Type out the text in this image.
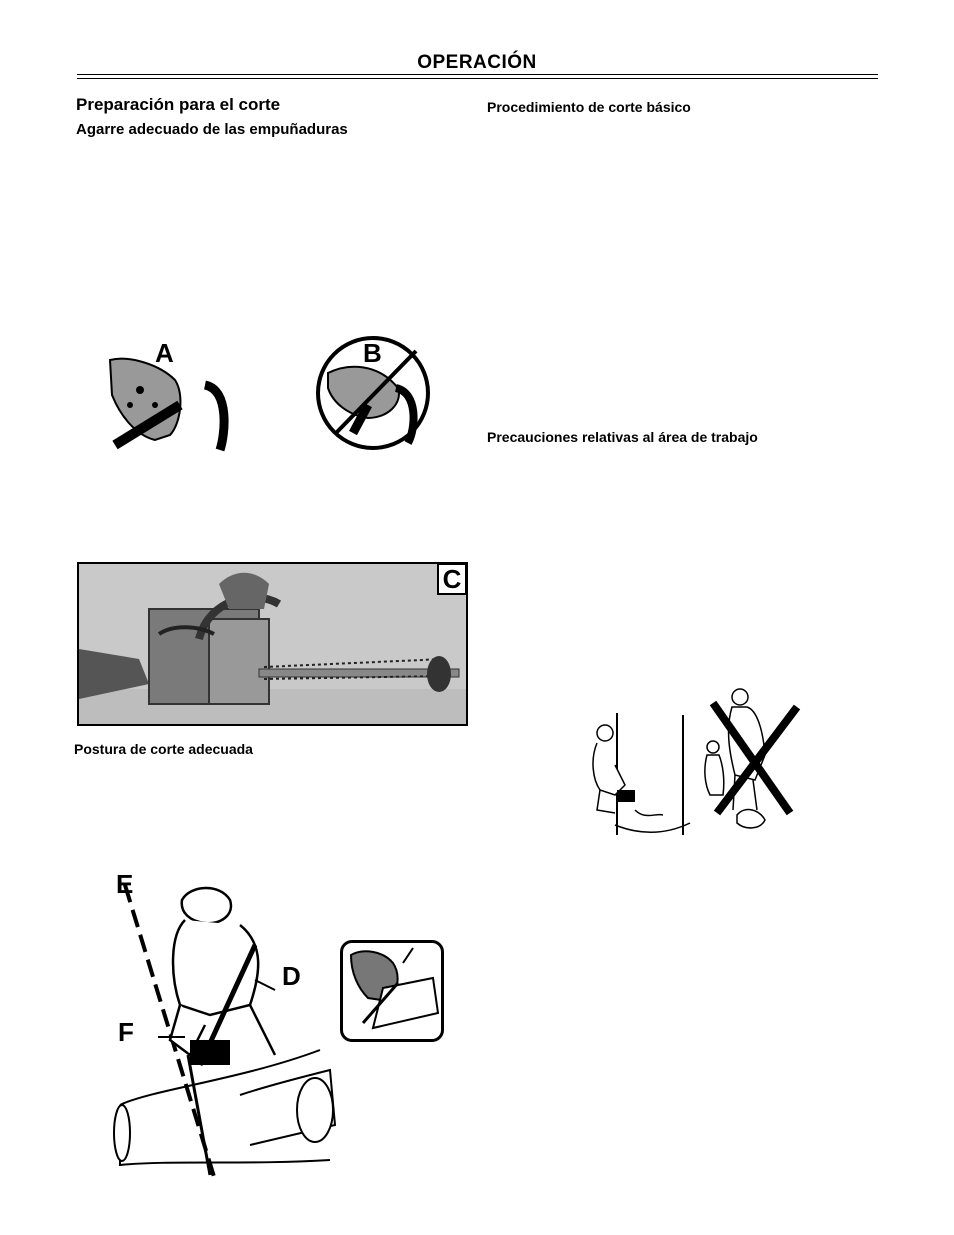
OPERACIÓN
Preparación para el corte
Agarre adecuado de las empuñaduras
Procedimiento de corte básico
Precauciones relativas al área de trabajo
A	B
C
Postura de corte adecuada
E
D
F
